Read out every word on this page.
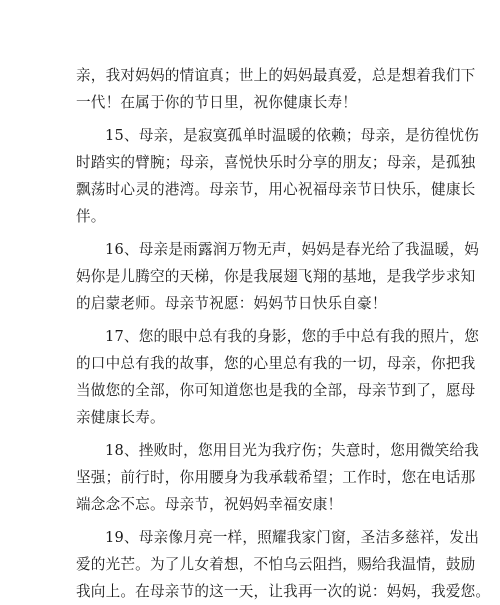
亲，我对妈妈的情谊真；世上的妈妈最真爱，总是想着我们下
一代！在属于你的节日里，祝你健康长寿！

15、母亲，是寂寞孤单时温暖的依赖；母亲，是彷徨忧伤
时踏实的臂腕；母亲，喜悦快乐时分享的朋友；母亲，是孤独
飘荡时心灵的港湾。母亲节，用心祝福母亲节日快乐，健康长
伴。

16、母亲是雨露润万物无声，妈妈是春光给了我温暖，妈
妈你是儿腾空的天梯，你是我展翅飞翔的基地，是我学步求知
的启蒙老师。母亲节祝愿：妈妈节日快乐自豪！

17、您的眼中总有我的身影，您的手中总有我的照片，您
的口中总有我的故事，您的心里总有我的一切，母亲，你把我
当做您的全部，你可知道您也是我的全部，母亲节到了，愿母
亲健康长寿。

18、挫败时，您用目光为我疗伤；失意时，您用微笑给我
坚强；前行时，你用腰身为我承载希望；工作时，您在电话那
端念念不忘。母亲节，祝妈妈幸福安康！

19、母亲像月亮一样，照耀我家门窗，圣洁多慈祥，发出
爱的光芒。为了儿女着想，不怕乌云阻挡，赐给我温情，鼓励
我向上。在母亲节的这一天，让我再一次的说：妈妈，我爱您。
